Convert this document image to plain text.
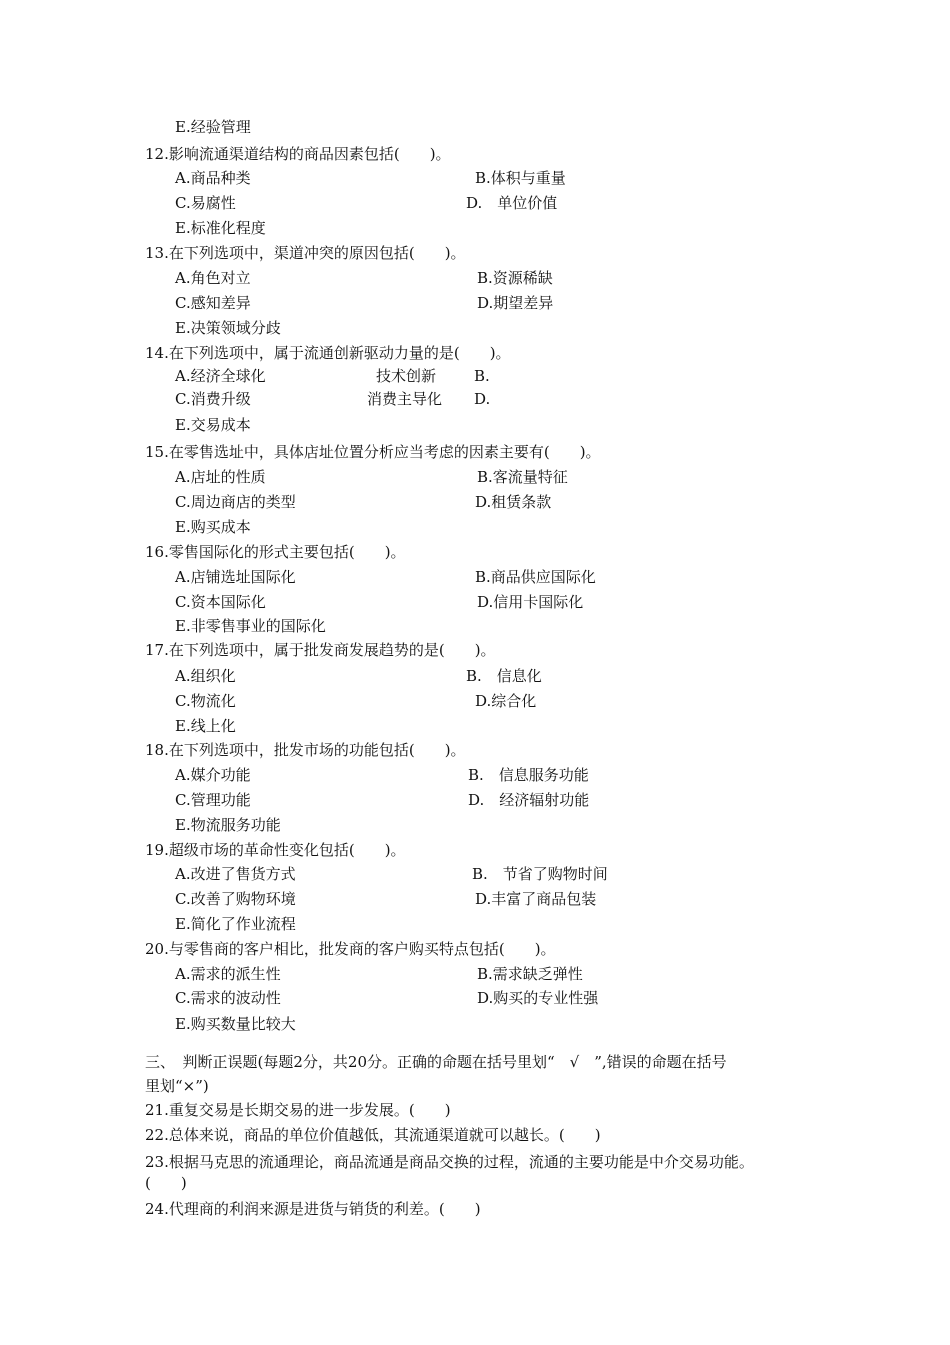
E.经验管理
12.影响流通渠道结构的商品因素包括(　　)。
A.商品种类	B.体积与重量
C.易腐性	D.　单位价值
E.标准化程度
13.在下列选项中，渠道冲突的原因包括(　　)。
A.角色对立	B.资源稀缺
C.感知差异	D.期望差异
E.决策领域分歧
14.在下列选项中，属于流通创新驱动力量的是(　　)。
A.经济全球化	技术创新	B.
C.消费升级	消费主导化 D.
E.交易成本
15.在零售选址中，具体店址位置分析应当考虑的因素主要有(　　)。
A.店址的性质	B.客流量特征
C.周边商店的类型	D.租赁条款
E.购买成本
16.零售国际化的形式主要包括(　　)。
A.店铺选址国际化	B.商品供应国际化
C.资本国际化	D.信用卡国际化
E.非零售事业的国际化
17.在下列选项中，属于批发商发展趋势的是(　　)。
A.组织化	B.　信息化
C.物流化	D.综合化
E.线上化
18.在下列选项中，批发市场的功能包括(　　)。
A.媒介功能	B.　信息服务功能
C.管理功能	D.　经济辐射功能
E.物流服务功能
19.超级市场的革命性变化包括(　　)。
A.改进了售货方式	B.　节省了购物时间
C.改善了购物环境	D.丰富了商品包装
E.简化了作业流程
20.与零售商的客户相比，批发商的客户购买特点包括(　　)。
A.需求的派生性	B.需求缺乏弹性
C.需求的波动性	D.购买的专业性强
E.购买数量比较大
三、　判断正误题(每题2分，共20分。正确的命题在括号里划“　√　”,错误的命题在括号
里划“×”)
21.重复交易是长期交易的进一步发展。(　　)
22.总体来说，商品的单位价值越低，其流通渠道就可以越长。(　　)
23.根据马克思的流通理论，商品流通是商品交换的过程，流通的主要功能是中介交易功能。
(　　)
24.代理商的利润来源是进货与销货的利差。(　　)
